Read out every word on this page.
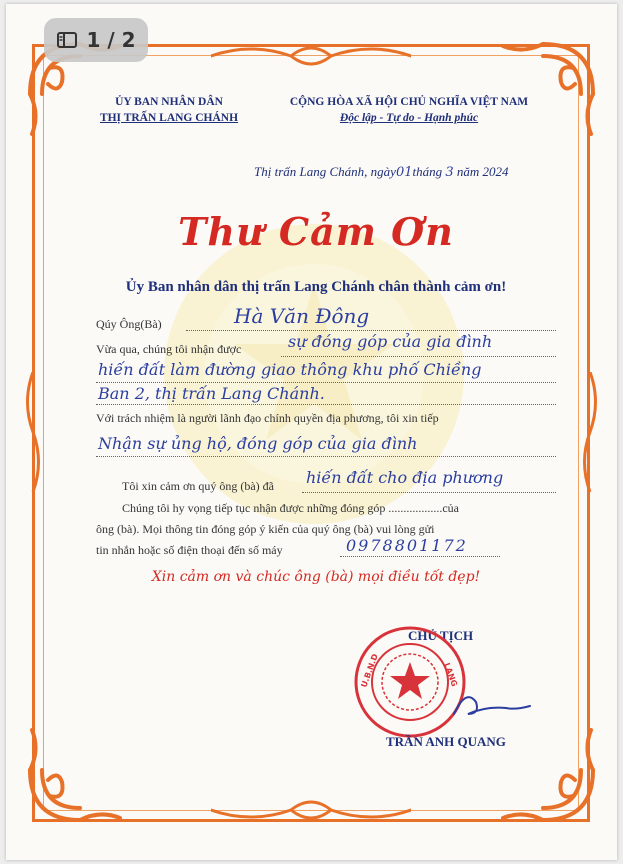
ỦY BAN NHÂN DÂN
THỊ TRẤN LANG CHÁNH
CỘNG HÒA XÃ HỘI CHỦ NGHĨA VIỆT NAM
Độc lập - Tự do - Hạnh phúc
Thị trấn Lang Chánh, ngày01tháng 3 năm 2024
Thư Cảm Ơn
Ủy Ban nhân dân thị trấn Lang Chánh chân thành cảm ơn!
Qúy Ông(Bà)	Hà Văn Đông
Vừa qua, chúng tôi nhận được	sự đóng góp của gia đình
hiến đất làm đường giao thông khu phố Chiềng
Ban 2, thị trấn Lang Chánh.
Với trách nhiệm là người lãnh đạo chính quyền địa phương, tôi xin tiếp
Nhận sự ủng hộ, đóng góp của gia đình
Tôi xin cảm ơn quý ông (bà) đã hiến đất cho địa phương
Chúng tôi hy vọng tiếp tục nhận được những đóng góp ..................của
ông (bà). Mọi thông tin đóng góp ý kiến của quý ông (bà) vui lòng gửi
tin nhắn hoặc số điện thoại đến số máy	0978801172
Xin cảm ơn và chúc ông (bà) mọi điều tốt đẹp!
CHỦ TỊCH
U.B.N.D	LANG
TRẦN ANH QUANG
1 / 2
